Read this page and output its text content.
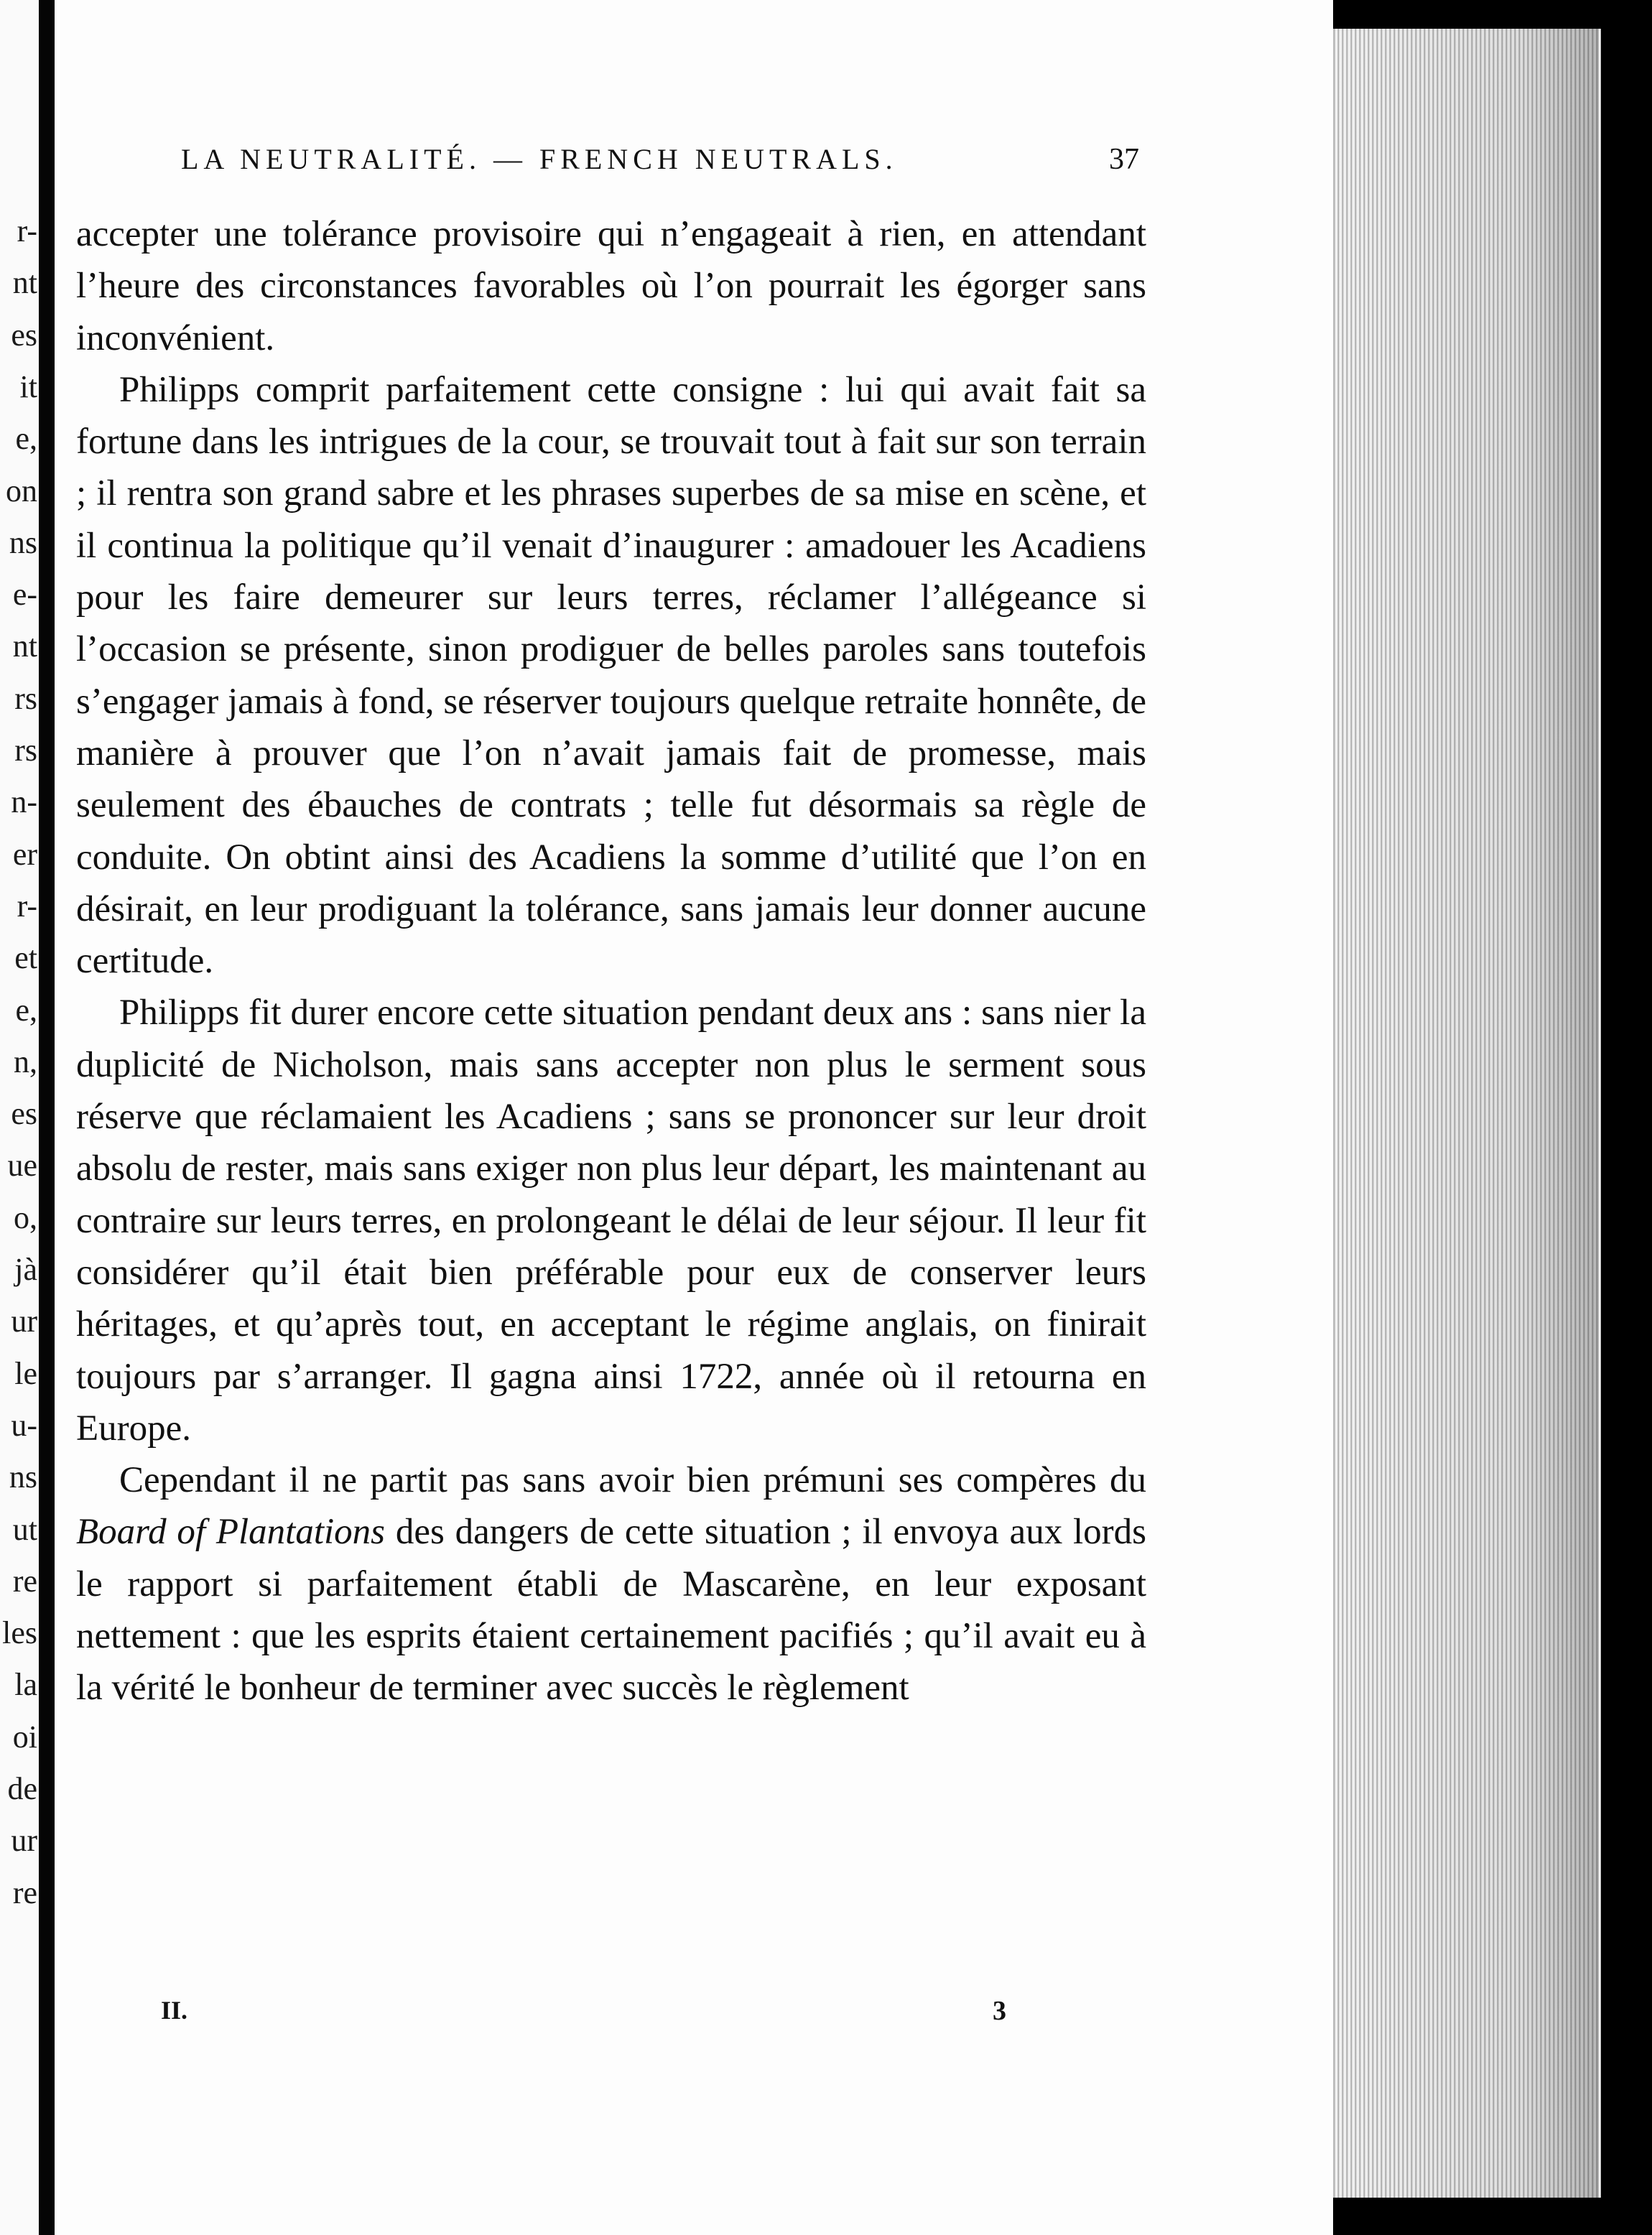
r-
nt
es
it
e,
on
ns
e-
nt
rs
rs
n-
er
r-
et
e,
n,
es
ue
o,
jà
ur
le
u-
ns
ut
re
les
la
oi
de
ur
re
LA NEUTRALITÉ. — FRENCH NEUTRALS.	37

accepter une tolérance provisoire qui n’engageait à rien, en attendant l’heure des circonstances favorables où l’on pourrait les égorger sans inconvénient.

Philipps comprit parfaitement cette consigne : lui qui avait fait sa fortune dans les intrigues de la cour, se trouvait tout à fait sur son terrain ; il rentra son grand sabre et les phrases superbes de sa mise en scène, et il continua la politique qu’il venait d’inaugurer : amadouer les Acadiens pour les faire demeurer sur leurs terres, réclamer l’allégeance si l’occasion se présente, sinon prodiguer de belles paroles sans toutefois s’engager jamais à fond, se réserver toujours quelque retraite honnête, de manière à prouver que l’on n’avait jamais fait de promesse, mais seulement des ébauches de contrats ; telle fut désormais sa règle de conduite. On obtint ainsi des Acadiens la somme d’utilité que l’on en désirait, en leur prodiguant la tolérance, sans jamais leur donner aucune certitude.

Philipps fit durer encore cette situation pendant deux ans : sans nier la duplicité de Nicholson, mais sans accepter non plus le serment sous réserve que réclamaient les Acadiens ; sans se prononcer sur leur droit absolu de rester, mais sans exiger non plus leur départ, les maintenant au contraire sur leurs terres, en prolongeant le délai de leur séjour. Il leur fit considérer qu’il était bien préférable pour eux de conserver leurs héritages, et qu’après tout, en acceptant le régime anglais, on finirait toujours par s’arranger. Il gagna ainsi 1722, année où il retourna en Europe.

Cependant il ne partit pas sans avoir bien prémuni ses compères du Board of Plantations des dangers de cette situation ; il envoya aux lords le rapport si parfaitement établi de Mascarène, en leur exposant nettement : que les esprits étaient certainement pacifiés ; qu’il avait eu à la vérité le bonheur de terminer avec succès le règlement

II.	3
